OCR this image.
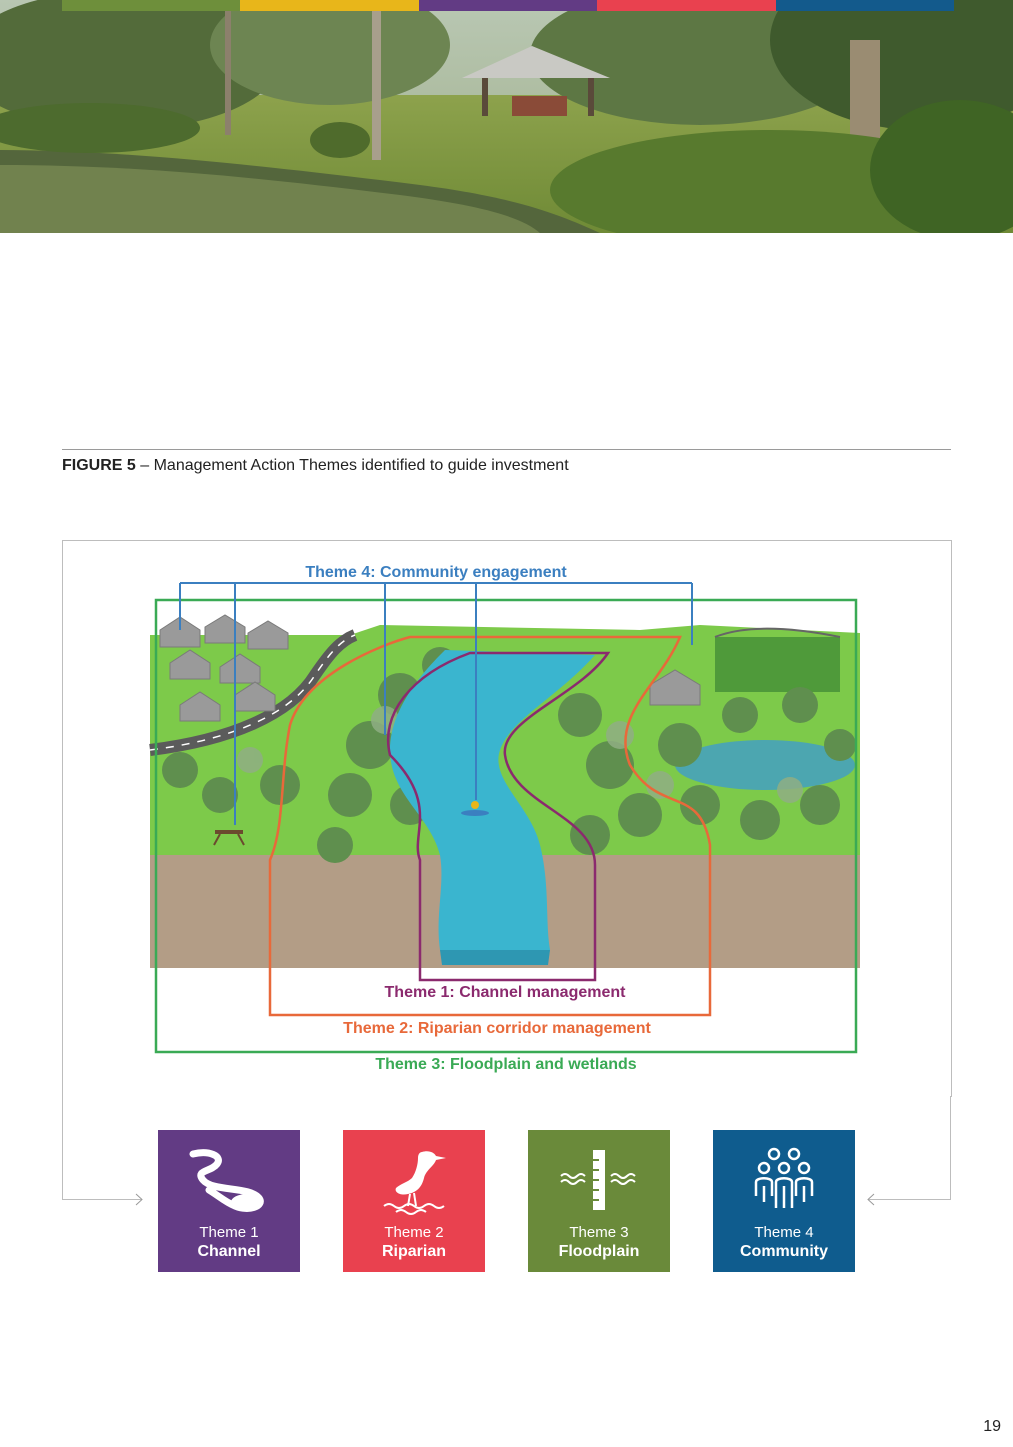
FIGURE 5 – Management Action Themes identified to guide investment
Theme 4: Community engagement
Theme 1: Channel management
Theme 2: Riparian corridor management
Theme 3: Floodplain and wetlands
Theme 1
Channel
Theme 2
Riparian
Theme 3
Floodplain
Theme 4
Community
19
